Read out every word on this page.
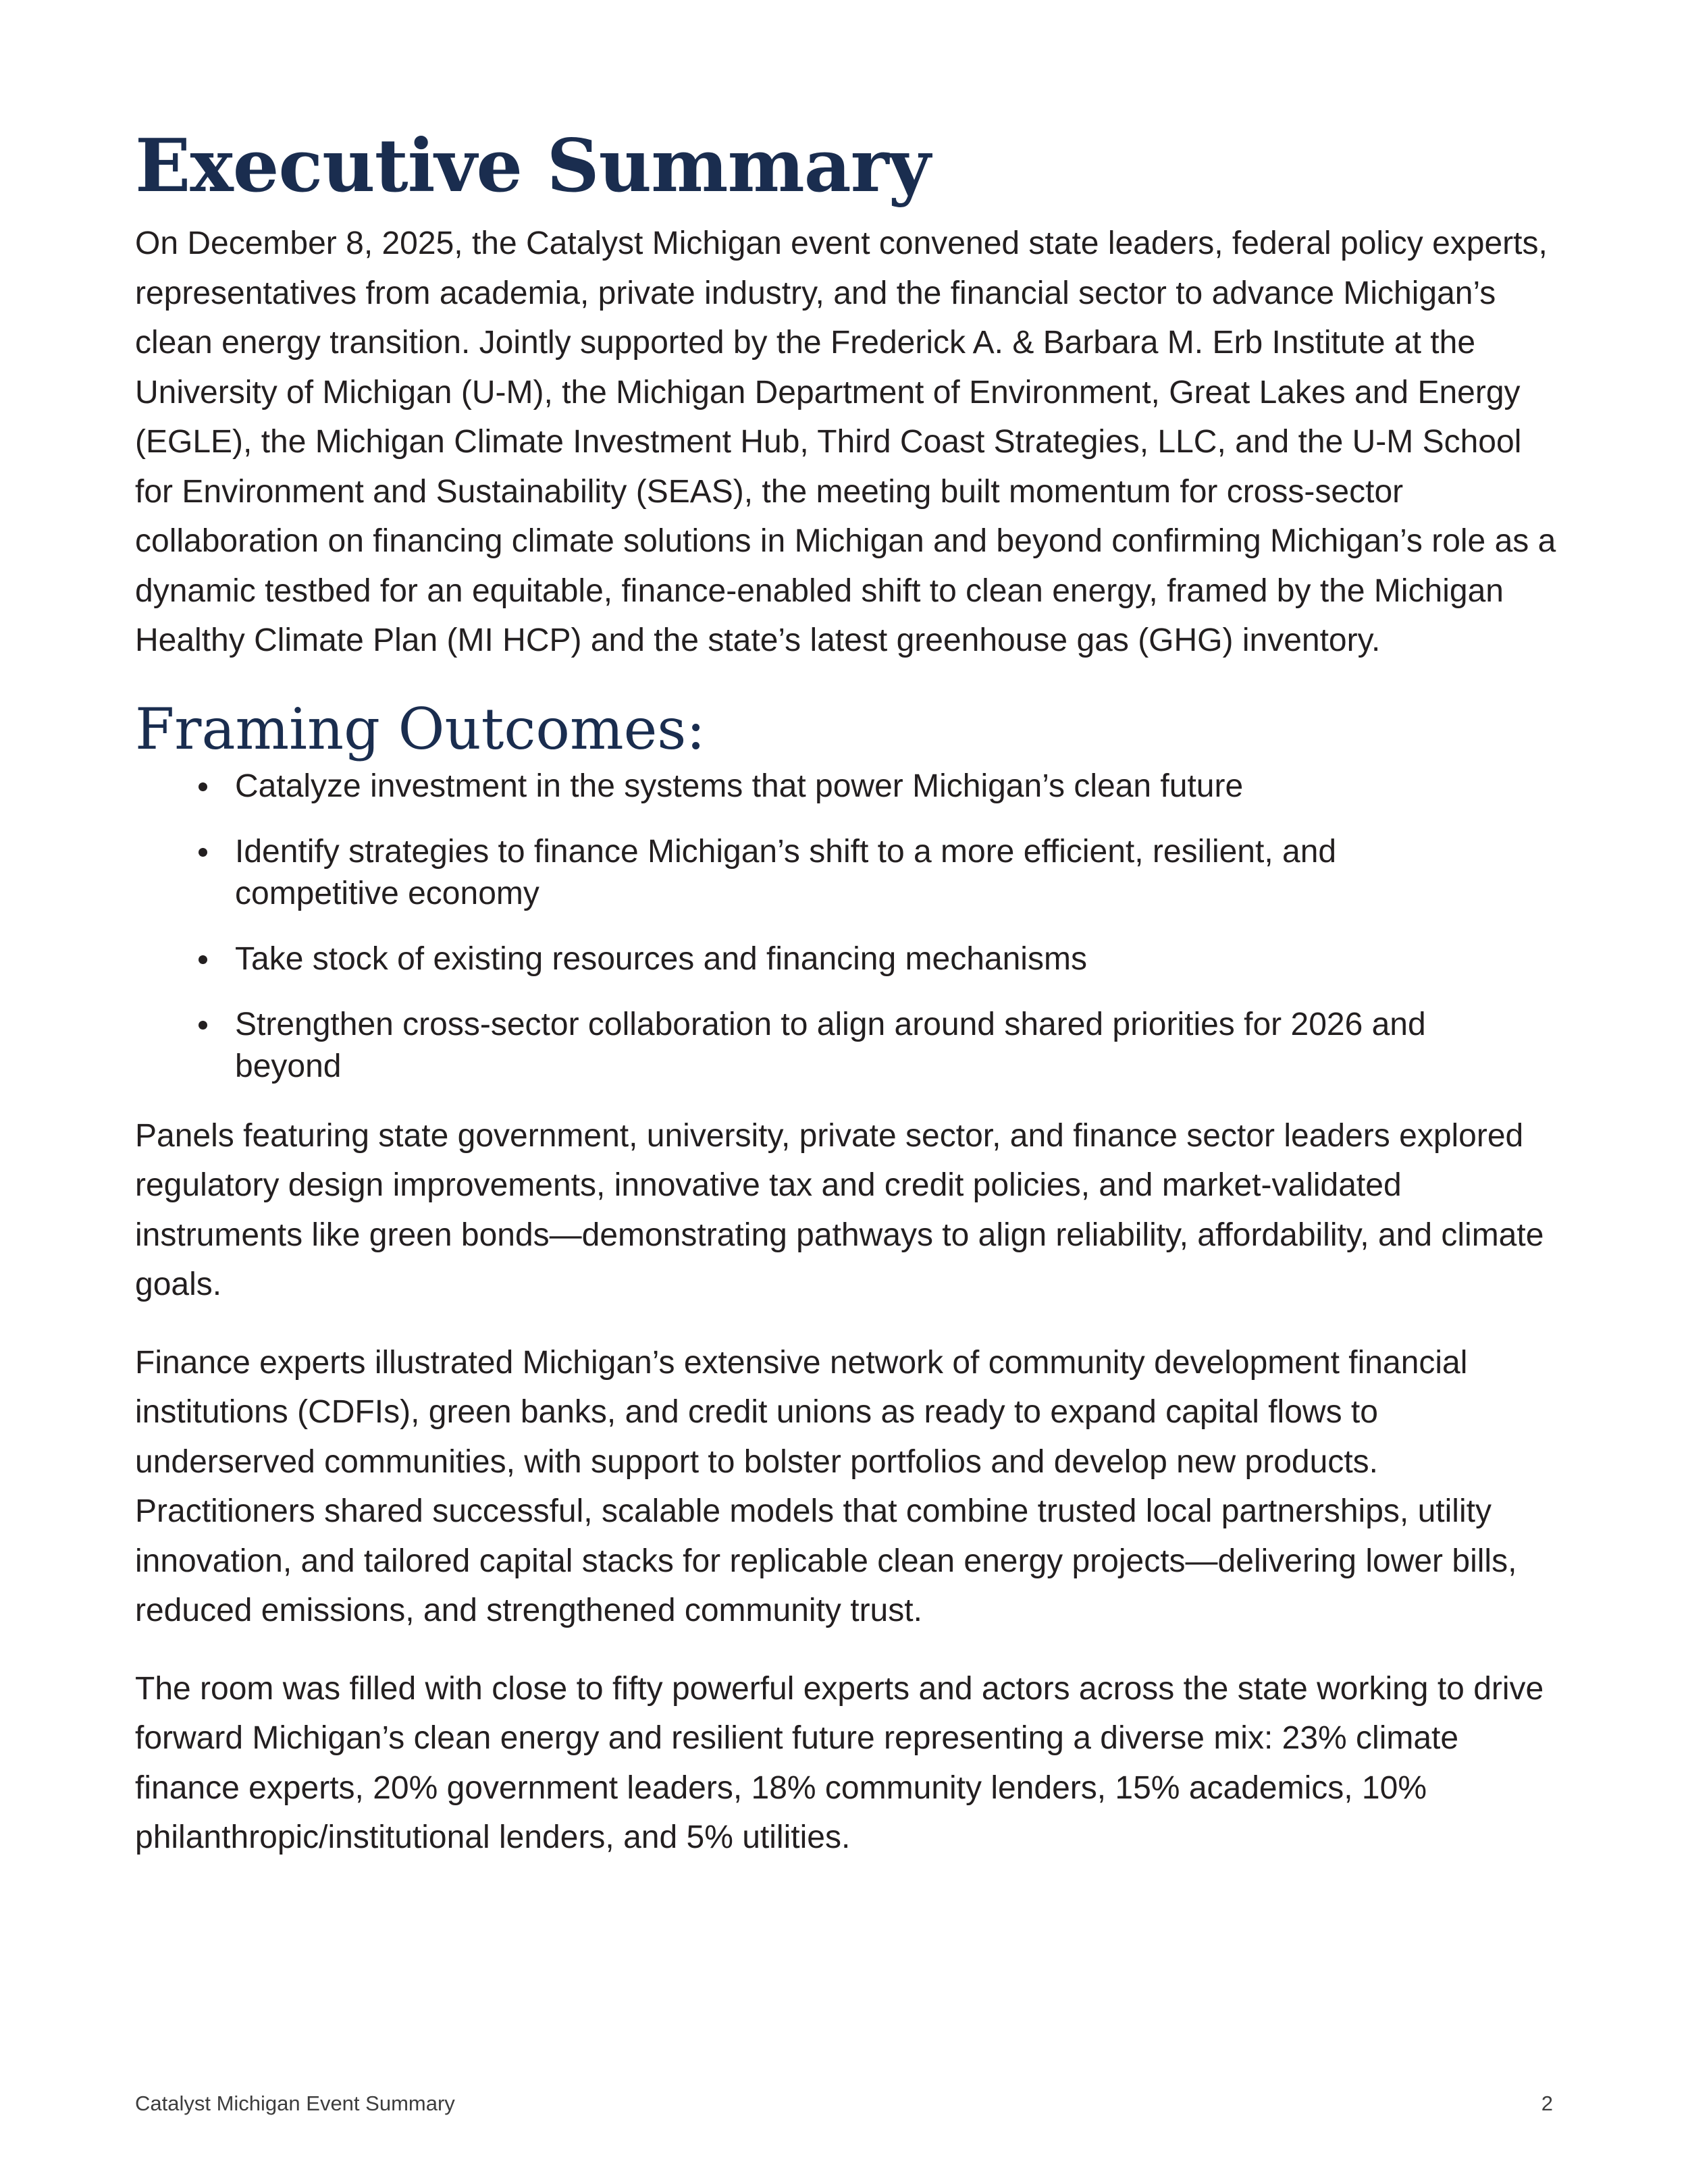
Executive Summary

On December 8, 2025, the Catalyst Michigan event convened state leaders, federal policy experts, representatives from academia, private industry, and the financial sector to advance Michigan’s clean energy transition. Jointly supported by the Frederick A. & Barbara M. Erb Institute at the University of Michigan (U-M), the Michigan Department of Environment, Great Lakes and Energy (EGLE), the Michigan Climate Investment Hub, Third Coast Strategies, LLC, and the U-M School for Environment and Sustainability (SEAS), the meeting built momentum for cross-sector collaboration on financing climate solutions in Michigan and beyond confirming Michigan’s role as a dynamic testbed for an equitable, finance-enabled shift to clean energy, framed by the Michigan Healthy Climate Plan (MI HCP) and the state’s latest greenhouse gas (GHG) inventory.

Framing Outcomes:
Catalyze investment in the systems that power Michigan’s clean future
Identify strategies to finance Michigan’s shift to a more efficient, resilient, and competitive economy
Take stock of existing resources and financing mechanisms
Strengthen cross-sector collaboration to align around shared priorities for 2026 and beyond

Panels featuring state government, university, private sector, and finance sector leaders explored regulatory design improvements, innovative tax and credit policies, and market-validated instruments like green bonds—demonstrating pathways to align reliability, affordability, and climate goals.

Finance experts illustrated Michigan’s extensive network of community development financial institutions (CDFIs), green banks, and credit unions as ready to expand capital flows to underserved communities, with support to bolster portfolios and develop new products. Practitioners shared successful, scalable models that combine trusted local partnerships, utility innovation, and tailored capital stacks for replicable clean energy projects—delivering lower bills, reduced emissions, and strengthened community trust.

The room was filled with close to fifty powerful experts and actors across the state working to drive forward Michigan’s clean energy and resilient future representing a diverse mix: 23% climate finance experts, 20% government leaders, 18% community lenders, 15% academics, 10% philanthropic/institutional lenders, and 5% utilities.

Catalyst Michigan Event Summary	2
